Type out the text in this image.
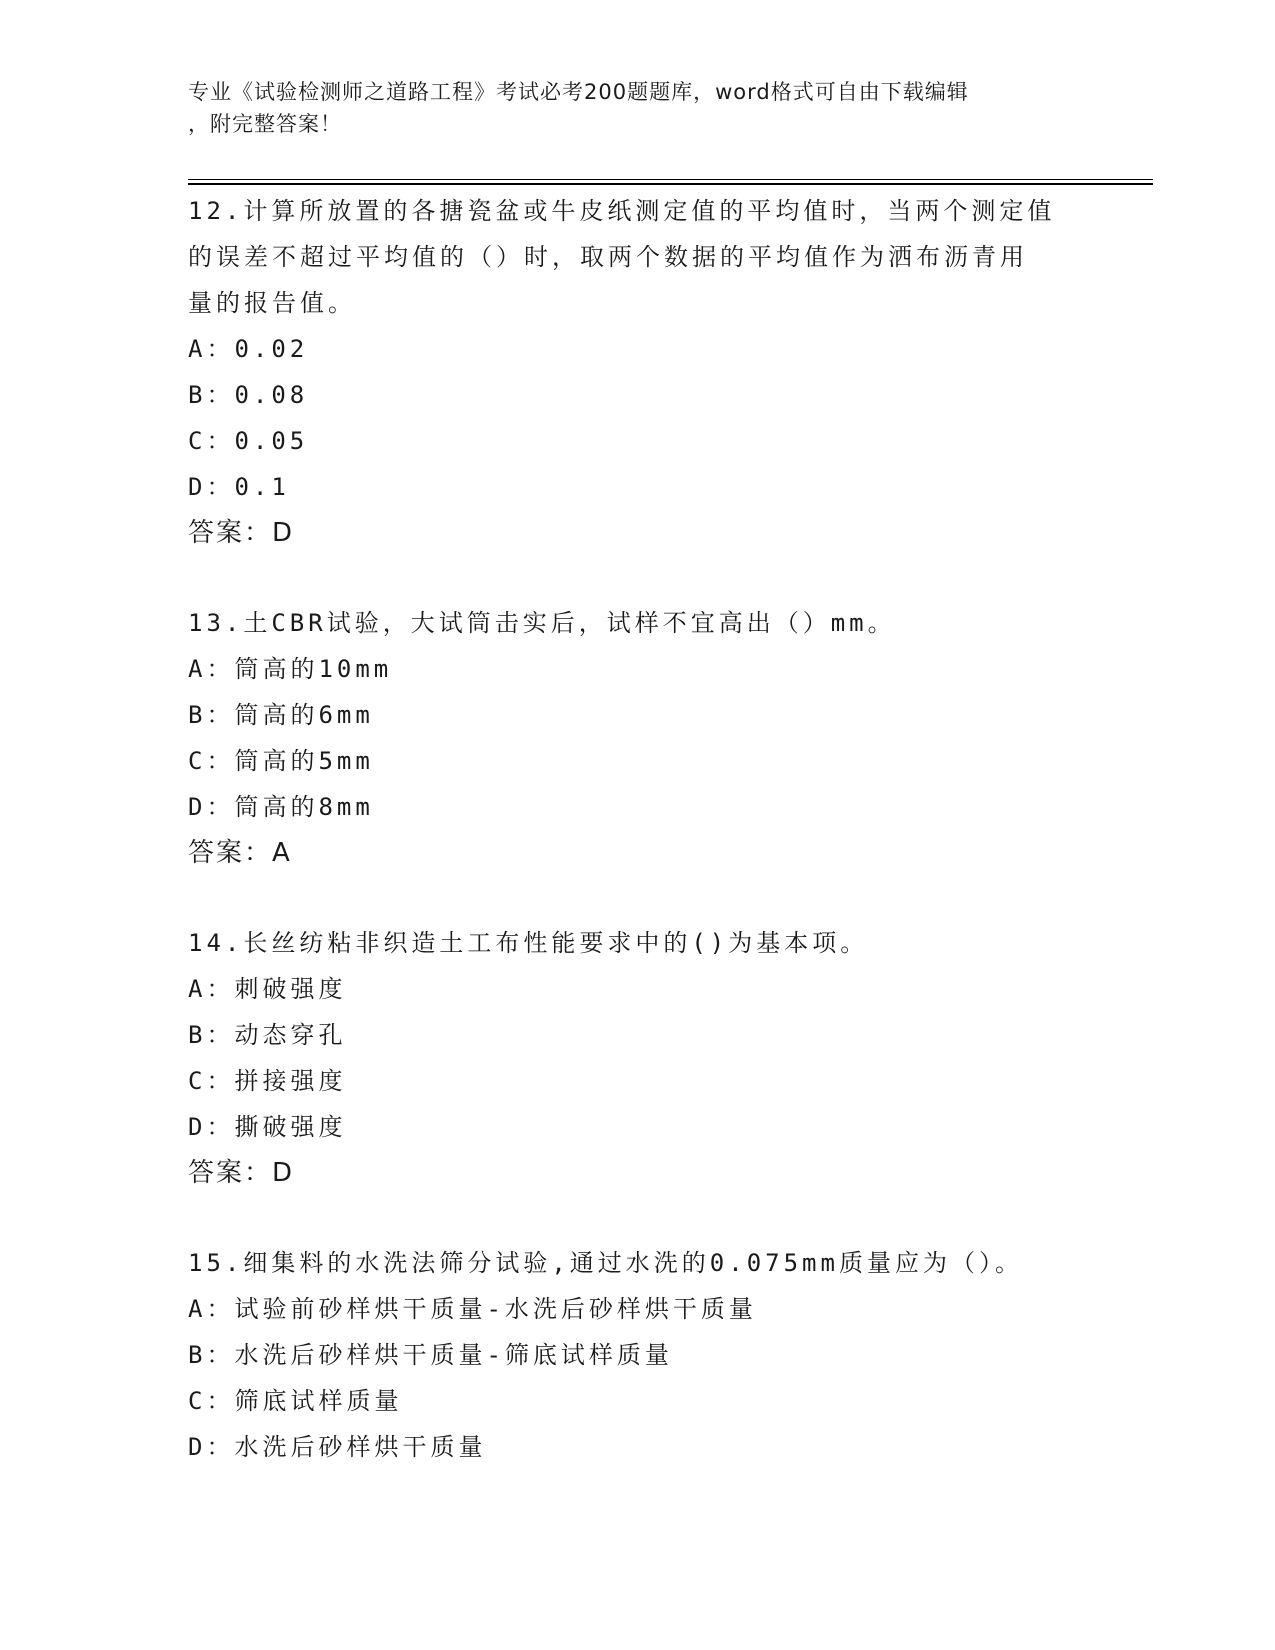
专业《试验检测师之道路工程》考试必考200题题库，word格式可自由下载编辑
，附完整答案！
12.计算所放置的各搪瓷盆或牛皮纸测定值的平均值时，当两个测定值
的误差不超过平均值的（）时，取两个数据的平均值作为洒布沥青用
量的报告值。
A：0.02
B：0.08
C：0.05
D：0.1
答案：D
13.土CBR试验，大试筒击实后，试样不宜高出（）mm。
A：筒高的10mm
B：筒高的6mm
C：筒高的5mm
D：筒高的8mm
答案：A
14.长丝纺粘非织造土工布性能要求中的()为基本项。
A：刺破强度
B：动态穿孔
C：拼接强度
D：撕破强度
答案：D
15.细集料的水洗法筛分试验,通过水洗的0.075mm质量应为（）。
A：试验前砂样烘干质量-水洗后砂样烘干质量
B：水洗后砂样烘干质量-筛底试样质量
C：筛底试样质量
D：水洗后砂样烘干质量
